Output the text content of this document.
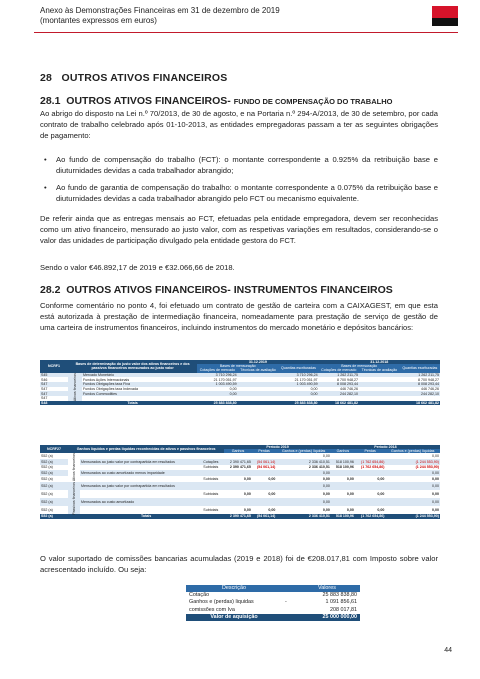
Anexo às Demonstrações Financeiras em 31 de dezembro de 2019
(montantes expressos em euros)
28 OUTROS ATIVOS FINANCEIROS
28.1 OUTROS ATIVOS FINANCEIROS- FUNDO DE COMPENSAÇÃO DO TRABALHO
Ao abrigo do disposto na Lei n.º 70/2013, de 30 de agosto, e na Portaria n.º 294-A/2013, de 30 de setembro, por cada contrato de trabalho celebrado após 01-10-2013, as entidades empregadoras passam a ter as seguintes obrigações de pagamento:
• Ao fundo de compensação do trabalho (FCT): o montante correspondente a 0.925% da retribuição base e diuturnidades devidas a cada trabalhador abrangido;
• Ao fundo de garantia de compensação do trabalho: o montante correspondente a 0.075% da retribuição base e diuturnidades devidas a cada trabalhador abrangido pelo FCT ou mecanismo equivalente.
De referir ainda que as entregas mensais ao FCT, efetuadas pela entidade empregadora, devem ser reconhecidas como um ativo financeiro, mensurado ao justo valor, com as respetivas variações em resultados, considerando-se o valor das unidades de participação divulgado pela entidade gestora do FCT.
Sendo o valor €46.892,17 de 2019 e €32.066,66 de 2018.
28.2 OUTROS ATIVOS FINANCEIROS- INSTRUMENTOS FINANCEIROS
Conforme comentário no ponto 4, foi efetuado um contrato de gestão de carteira com a CAIXAGEST, em que esta está autorizada à prestação de intermediação financeira, nomeadamente para prestação de serviço de gestão de uma carteira de instrumentos financeiros, incluindo instrumentos do mercado monetário e depósitos bancários:
NCRF1	Bases de determinação do justo valor dos ativos financeiros e dos passivos financeiros mensurados ao justo valor		31.12.2019			31.12.2018		
			Bases de mensuração		Quantias escrituradas	Bases de mensuração		Quantias escrituradas
			Cotações de mercado	Técnicas de avaliação		Cotações de mercado	Técnicas de avaliação	
S45	Ativos financeiros	Mercado Monetário	3 710 296,24		3 710 296,24	1 262 211,75		1 262 211,75
S46		Fundos Ações Internacionais	21 170 051,97		21 170 051,97	8 700 948,27		8 700 948,27
S47		Fundos Obrigações taxa Fixa	1 003 490,59		1 003 490,59	8 008 293,44		8 008 293,44
S47		Fundos Obrigações taxa Indexada	0,00		0,00	446 746,26		446 746,26
S47		Fundos Commodities	0,00		0,00	244 282,10		244 282,10
S47								
S48	Totais		25 883 838,80		25 883 838,80	18 662 481,82		18 662 481,82
NCRF27	Ganhos líquidos e perdas líquidas reconhecidas de ativos e passivos financeiros			Período 2019			Período 2018		
				Ganhos	Perdas	Ganhos e (perdas) líquidas	Ganhos	Perdas	Ganhos e (perdas) líquidas
S52 (a)	Ativos financeiros					0,00			0,00
S52 (a)		Mensurados ao justo valor por contrapartida em resultados	Cotações	2 390 471,65	(54 061,14)	2 336 410,51	518 100,96	(1 762 654,86)	(1 244 553,90)
S52 (a)			Subtotais	2 390 471,65	(54 061,14)	2 336 410,51	518 100,96	(1 762 654,86)	(1 244 553,90)
S52 (a)		Mensurados ao custo amortizado menos imparidade				0,00			0,00
S52 (a)			Subtotais	0,00	0,00	0,00	0,00	0,00	0,00
S52 (a)	Passivos financeiros	Mensurados ao justo valor por contrapartida em resultados				0,00			0,00
S52 (a)			Subtotais	0,00	0,00	0,00	0,00	0,00	0,00
S52 (a)		Mensurados ao custo amortizado				0,00			0,00
S52 (a)			Subtotais	0,00	0,00	0,00	0,00	0,00	0,00
S52 (a)	Totais			2 390 471,65	(54 061,14)	2 336 410,51	518 100,96	(1 762 654,86)	(1 244 553,90)
O valor suportado de comissões bancarias acumuladas (2019 e 2018) foi de €208.017,81 com Imposto sobre valor acrescentado incluído. Ou seja:
Descrição		Valores
Cotação		25 883 838,80
Ganhos e (perdas) liquidas	-	1 091 856,61
comissões com Iva		208 017,81
Valor de aquisição		25 000 000,00
44
